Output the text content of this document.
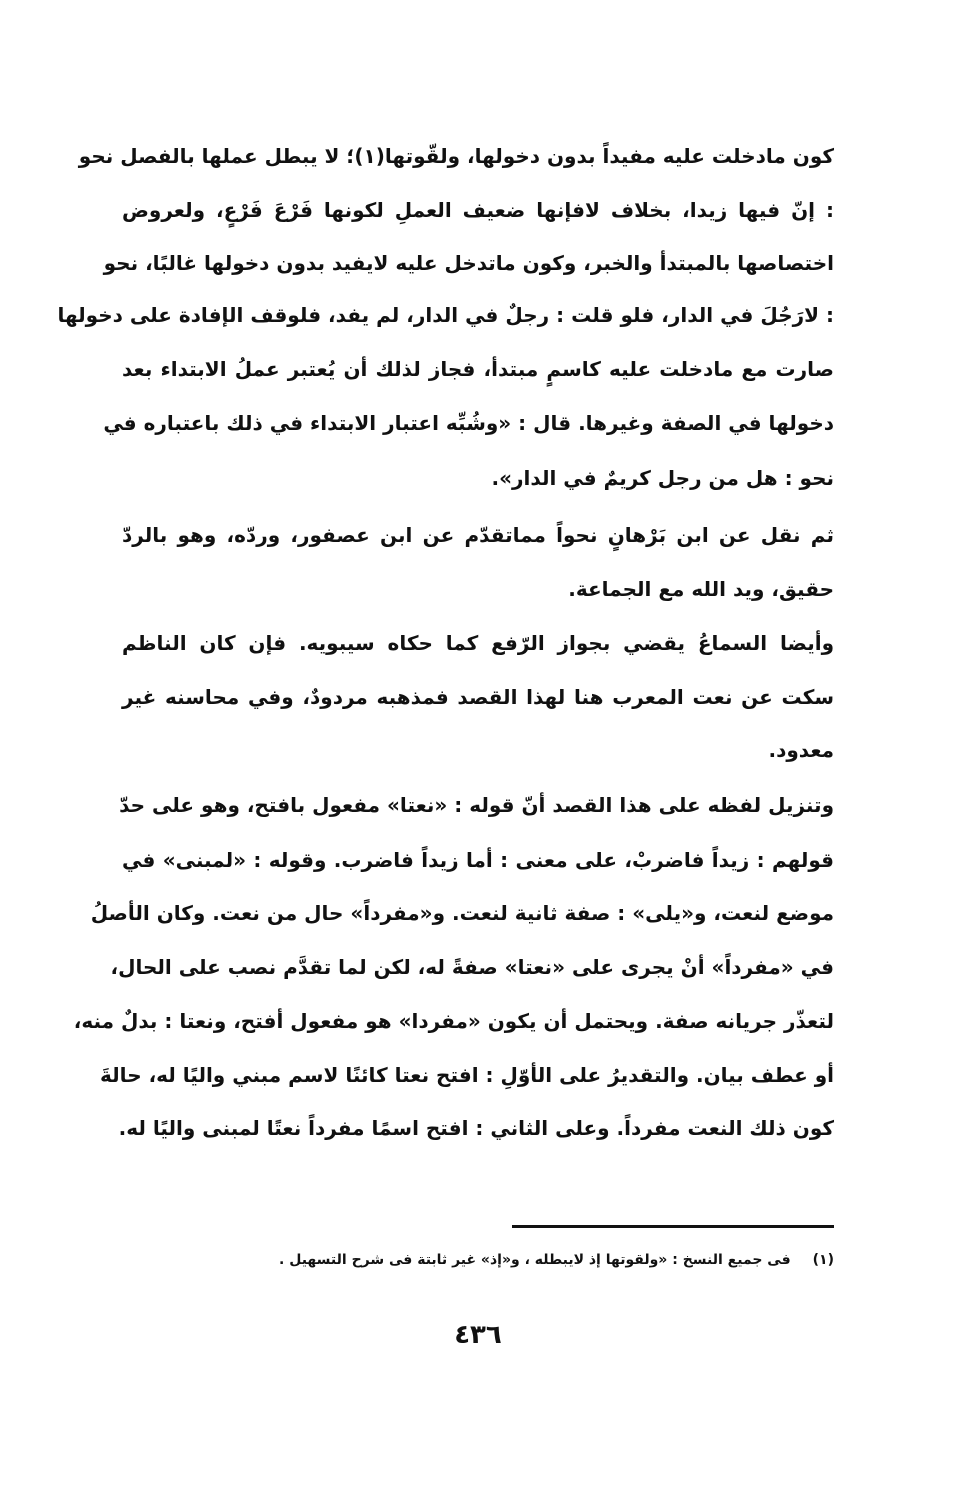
كون مادخلت عليه مفيداً بدون دخولها، ولقّوتها(١)؛ لا يبطل عملها بالفصل نحو
: إنّ فيها زيدا، بخلاف لافإنها ضعيف العملِ لكونها فَرْعَ فَرْعٍ، ولعروض
اختصاصها بالمبتدأ والخبر، وكون ماتدخل عليه لايفيد بدون دخولها غالبًا، نحو
: لارَجُلَ في الدار، فلو قلت : رجلٌ في الدار، لم يفد، فلوقف الإفادة على دخولها
صارت مع مادخلت عليه كاسمٍ مبتدأ، فجاز لذلك أن يُعتبر عملُ الابتداء بعد
دخولها في الصفة وغيرها. قال : «وشُبِّه اعتبار الابتداء في ذلك باعتباره في
نحو : هل من رجل كريمٌ في الدار».
ثم نقل عن ابن بَرْهانٍ نحواً مماتقدّم عن ابن عصفور، وردّه، وهو بالردّ
حقيق، ويد الله مع الجماعة.
وأيضا السماعُ يقضي بجواز الرّفع كما حكاه سيبويه. فإن كان الناظم
سكت عن نعت المعرب هنا لهذا القصد فمذهبه مردودٌ، وفي محاسنه غير
معدود.
وتنزيل لفظه على هذا القصد أنّ قوله : «نعتا» مفعول بافتح، وهو على حدّ
قولهم : زيداً فاضربْ، على معنى : أما زيداً فاضرب. وقوله : «لمبنى» في
موضع لنعت، و«يلى» : صفة ثانية لنعت. و«مفرداً» حال من نعت. وكان الأصلُ
في «مفرداً» أنْ يجرى على «نعتا» صفةً له، لكن لما تقدَّم نصب على الحال،
لتعذّر جريانه صفة. ويحتمل أن يكون «مفردا» هو مفعول أفتح، ونعتا : بدلٌ منه،
أو عطف بيان. والتقديرُ على الأوّلِ : افتح نعتا كائنًا لاسم مبني واليًا له، حالةَ
كون ذلك النعت مفرداً. وعلى الثاني : افتح اسمًا مفرداً نعتًا لمبنى واليًا له.
(١)فى جميع النسخ : «ولقوتها إذ لايبطله ، و«إذ» غير ثابتة فى شرح التسهيل .
٤٣٦
